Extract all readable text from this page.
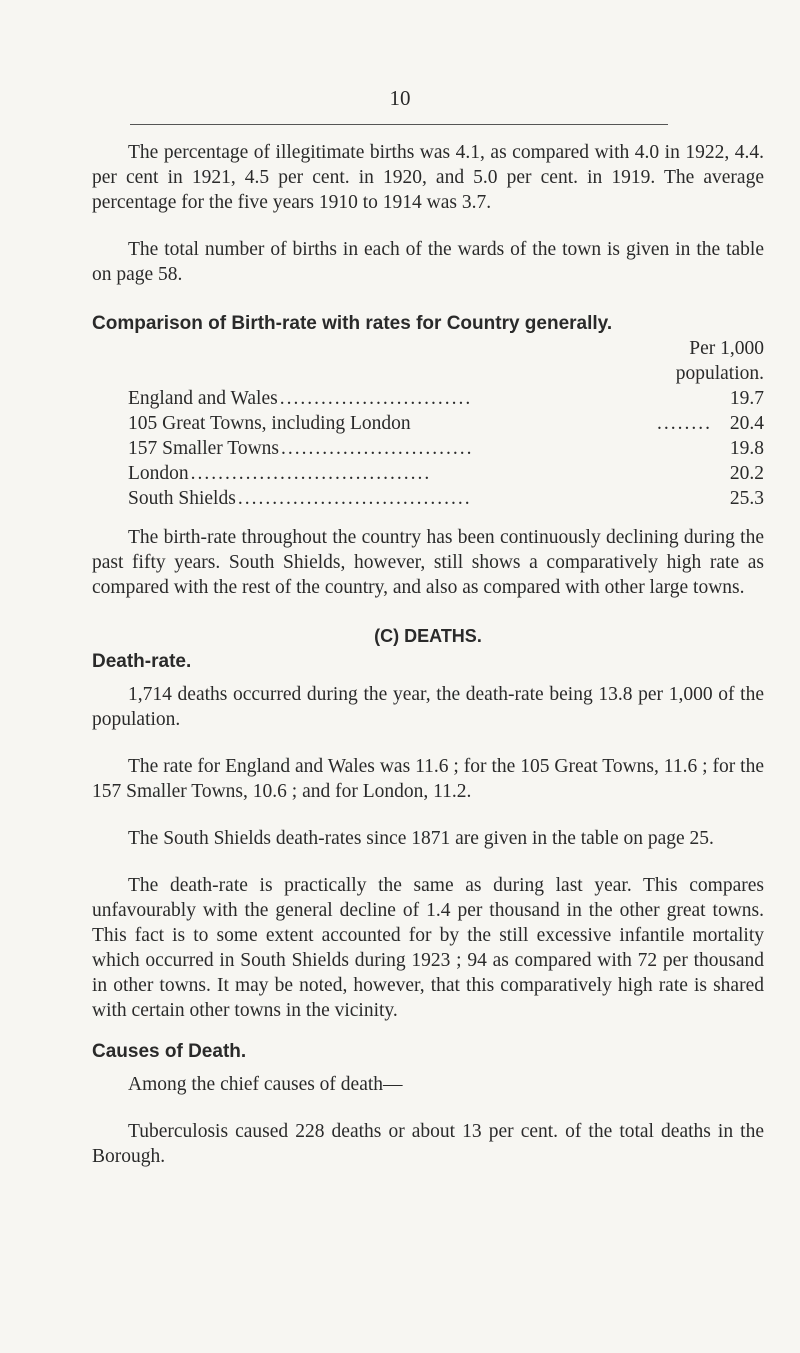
10

The percentage of illegitimate births was 4.1, as compared with 4.0 in 1922, 4.4. per cent in 1921, 4.5 per cent. in 1920, and 5.0 per cent. in 1919. The average percentage for the five years 1910 to 1914 was 3.7.

The total number of births in each of the wards of the town is given in the table on page 58.

Comparison of Birth-rate with rates for Country generally.
Per 1,000
population.
England and Wales ............................	19.7
105 Great Towns, including London	........ 20.4
157 Smaller Towns ............................	19.8
London ...................................	20.2
South Shields ..................................	25.3

The birth-rate throughout the country has been continuously declining during the past fifty years. South Shields, however, still shows a comparatively high rate as compared with the rest of the country, and also as compared with other large towns.

(C) DEATHS.
Death-rate.

1,714 deaths occurred during the year, the death-rate being 13.8 per 1,000 of the population.

The rate for England and Wales was 11.6 ; for the 105 Great Towns, 11.6 ; for the 157 Smaller Towns, 10.6 ; and for London, 11.2.

The South Shields death-rates since 1871 are given in the table on page 25.

The death-rate is practically the same as during last year. This compares unfavourably with the general decline of 1.4 per thousand in the other great towns. This fact is to some extent accounted for by the still excessive infantile mortality which occurred in South Shields during 1923 ; 94 as compared with 72 per thousand in other towns. It may be noted, however, that this comparatively high rate is shared with certain other towns in the vicinity.

Causes of Death.

Among the chief causes of death—

Tuberculosis caused 228 deaths or about 13 per cent. of the total deaths in the Borough.
